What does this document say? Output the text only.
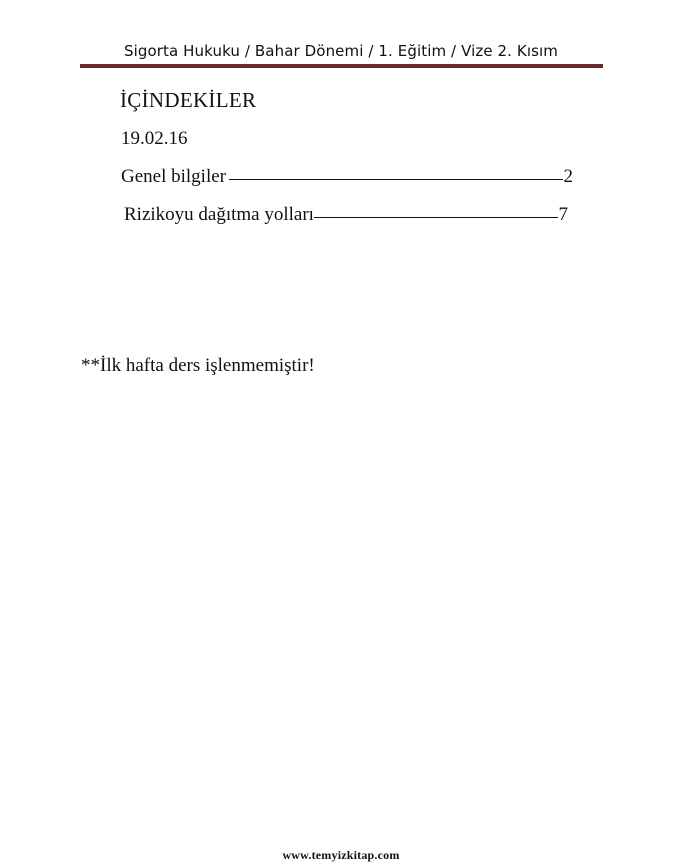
Sigorta Hukuku / Bahar Dönemi / 1. Eğitim / Vize 2. Kısım
İÇİNDEKİLER
19.02.16
Genel bilgiler	2
Rizikoyu dağıtma yolları	7
**İlk hafta ders işlenmemiştir!
www.temyizkitap.com
